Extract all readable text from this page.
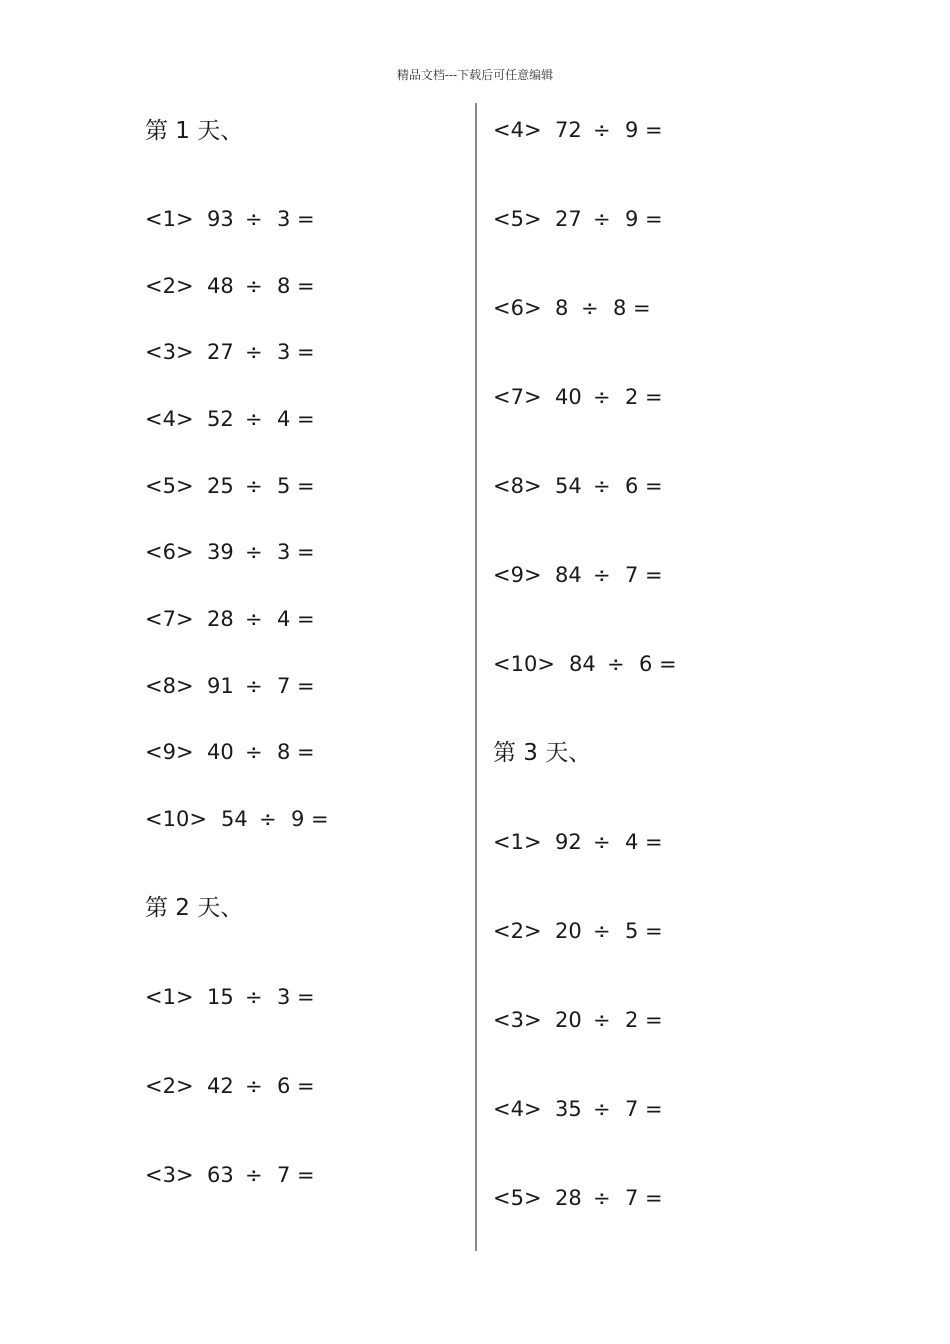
精品文档---下载后可任意编辑
第 1 天、
<1> 93 ÷ 3 =
<2> 48 ÷ 8 =
<3> 27 ÷ 3 =
<4> 52 ÷ 4 =
<5> 25 ÷ 5 =
<6> 39 ÷ 3 =
<7> 28 ÷ 4 =
<8> 91 ÷ 7 =
<9> 40 ÷ 8 =
<10> 54 ÷ 9 =
第 2 天、
<1> 15 ÷ 3 =
<2> 42 ÷ 6 =
<3> 63 ÷ 7 =
<4> 72 ÷ 9 =
<5> 27 ÷ 9 =
<6> 8 ÷ 8 =
<7> 40 ÷ 2 =
<8> 54 ÷ 6 =
<9> 84 ÷ 7 =
<10> 84 ÷ 6 =
第 3 天、
<1> 92 ÷ 4 =
<2> 20 ÷ 5 =
<3> 20 ÷ 2 =
<4> 35 ÷ 7 =
<5> 28 ÷ 7 =
